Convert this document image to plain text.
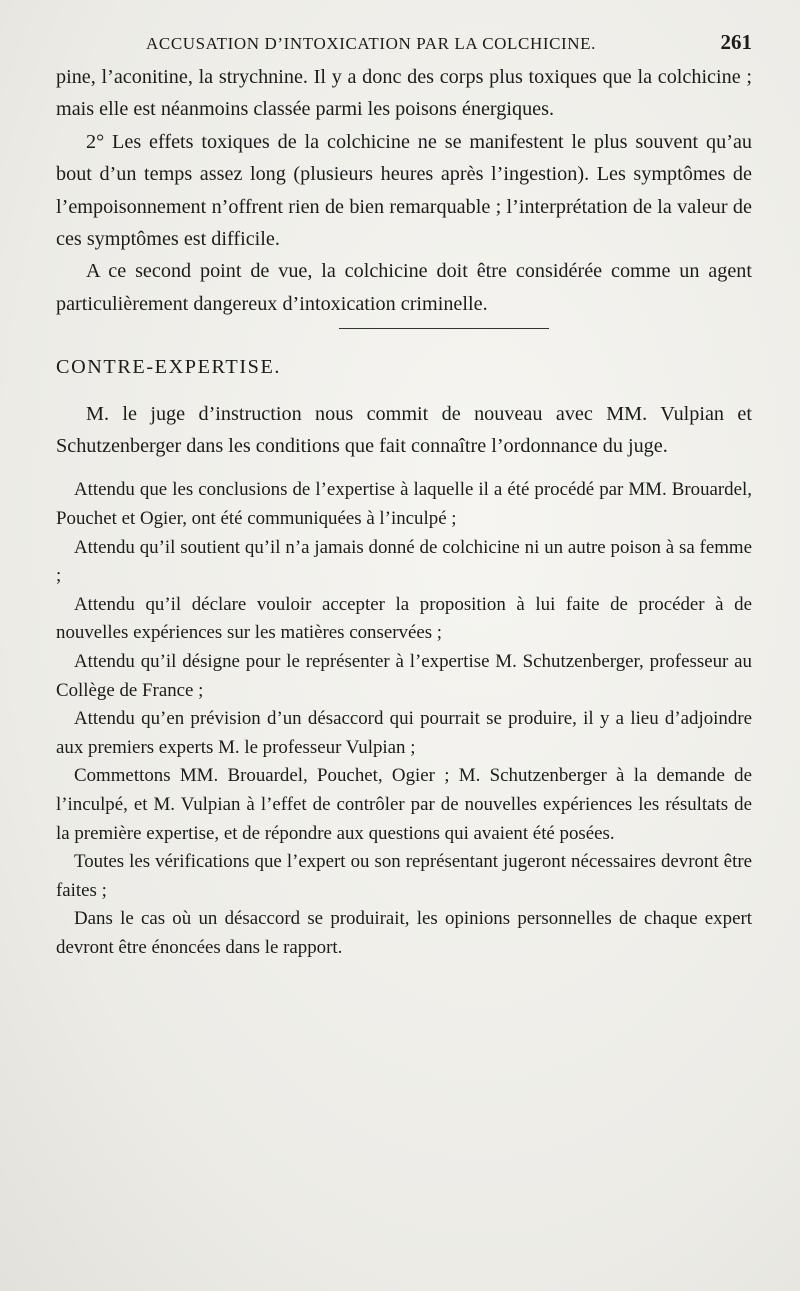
ACCUSATION D’INTOXICATION PAR LA COLCHICINE.	261

pine, l’aconitine, la strychnine. Il y a donc des corps plus toxiques que la colchicine ; mais elle est néanmoins classée parmi les poisons énergiques.

2° Les effets toxiques de la colchicine ne se manifestent le plus souvent qu’au bout d’un temps assez long (plusieurs heures après l’ingestion). Les symptômes de l’empoisonnement n’offrent rien de bien remarquable ; l’interprétation de la valeur de ces symptômes est difficile.

A ce second point de vue, la colchicine doit être considérée comme un agent particulièrement dangereux d’intoxication criminelle.

CONTRE-EXPERTISE.

M. le juge d’instruction nous commit de nouveau avec MM. Vulpian et Schutzenberger dans les conditions que fait connaître l’ordonnance du juge.

Attendu que les conclusions de l’expertise à laquelle il a été procédé par MM. Brouardel, Pouchet et Ogier, ont été communiquées à l’inculpé ;

Attendu qu’il soutient qu’il n’a jamais donné de colchicine ni un autre poison à sa femme ;

Attendu qu’il déclare vouloir accepter la proposition à lui faite de procéder à de nouvelles expériences sur les matières conservées ;

Attendu qu’il désigne pour le représenter à l’expertise M. Schutzenberger, professeur au Collège de France ;

Attendu qu’en prévision d’un désaccord qui pourrait se produire, il y a lieu d’adjoindre aux premiers experts M. le professeur Vulpian ;

Commettons MM. Brouardel, Pouchet, Ogier ; M. Schutzenberger à la demande de l’inculpé, et M. Vulpian à l’effet de contrôler par de nouvelles expériences les résultats de la première expertise, et de répondre aux questions qui avaient été posées.

Toutes les vérifications que l’expert ou son représentant jugeront nécessaires devront être faites ;

Dans le cas où un désaccord se produirait, les opinions personnelles de chaque expert devront être énoncées dans le rapport.
